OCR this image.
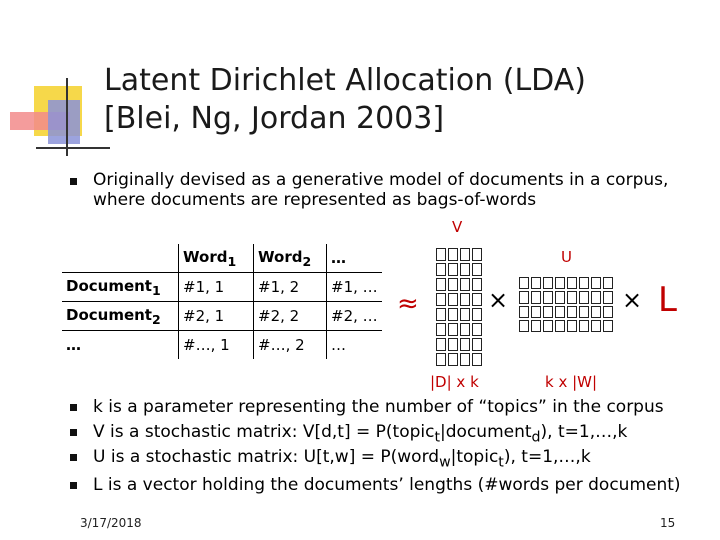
Latent Dirichlet Allocation (LDA)
[Blei, Ng, Jordan 2003]
Originally devised as a generative model of documents in a corpus,
where documents are represented as bags-of-words
	Word$_1$	Word$_2$	…
Document$_1$	#1, 1	#1, 2	#1, …
Document$_2$	#2, 1	#2, 2	#2, …
…	#…, 1	#…, 2	…
≈
V
|D| x k
×
U
k x |W|
× L
k is a parameter representing the number of “topics” in the corpus
V is a stochastic matrix: V[d,t] = P(topic$_t$|document$_d$), t=1,…,k
U is a stochastic matrix: U[t,w] = P(word$_w$|topic$_t$), t=1,…,k
L is a vector holding the documents’ lengths (#words per document)
3/17/2018	15
